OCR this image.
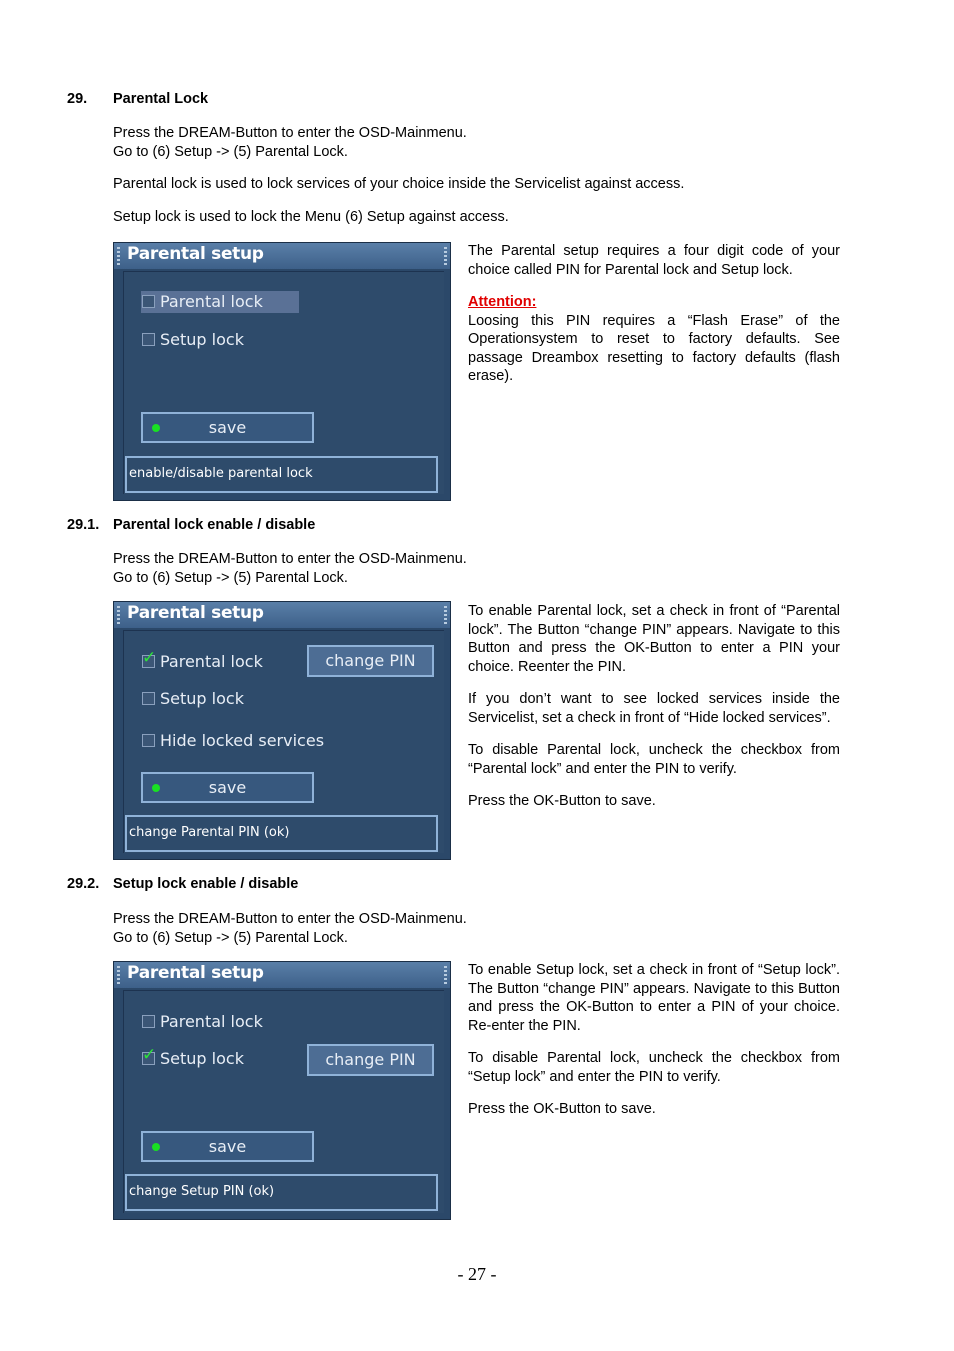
29. Parental Lock

Press the DREAM-Button to enter the OSD-Mainmenu.

Go to (6) Setup -> (5) Parental Lock.

Parental lock is used to lock services of your choice inside the Servicelist against access.

Setup lock is used to lock the Menu (6) Setup against access.

Parental setup
Parental lock
Setup lock
save
enable/disable parental lock

The Parental setup requires a four digit code of your choice called PIN for Parental lock and Setup lock.

Attention:

Loosing this PIN requires a “Flash Erase” of the Operationsystem to reset to factory defaults. See passage Dreambox resetting to factory defaults (flash erase).

29.1. Parental lock enable / disable

Press the DREAM-Button to enter the OSD-Mainmenu.

Go to (6) Setup -> (5) Parental Lock.

Parental setup
✓ Parental lock	change PIN
Setup lock
Hide locked services
save
change Parental PIN (ok)

To enable Parental lock, set a check in front of “Parental lock”. The Button “change PIN” appears. Navigate to this Button and press the OK-Button to enter a PIN your choice. Reenter the PIN.

If you don’t want to see locked services inside the Servicelist, set a check in front of “Hide locked services”.

To disable Parental lock, uncheck the checkbox from “Parental lock” and enter the PIN to verify.

Press the OK-Button to save.

29.2. Setup lock enable / disable

Press the DREAM-Button to enter the OSD-Mainmenu.

Go to (6) Setup -> (5) Parental Lock.

Parental setup
Parental lock
✓ Setup lock	change PIN
save
change Setup PIN (ok)

To enable Setup lock, set a check in front of “Setup lock”. The Button “change PIN” appears. Navigate to this Button and press the OK-Button to enter a PIN of your choice. Re-enter the PIN.

To disable Parental lock, uncheck the checkbox from “Setup lock” and enter the PIN to verify.

Press the OK-Button to save.

- 27 -
